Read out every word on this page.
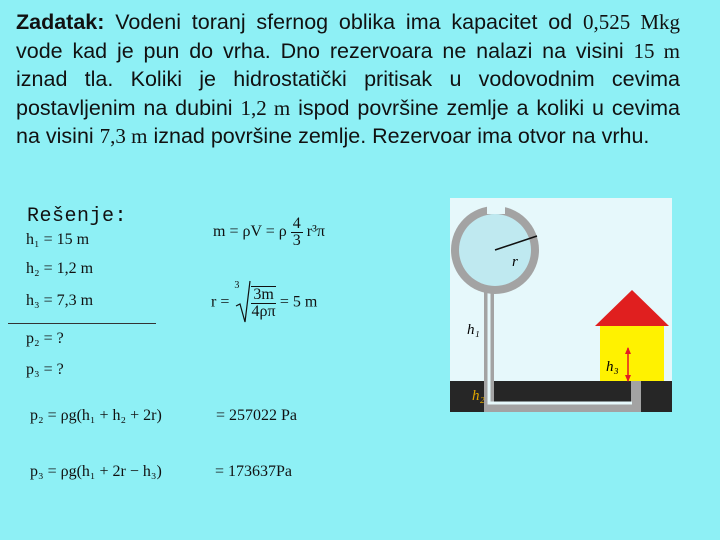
Zadatak: Vodeni toranj sfernog oblika ima kapacitet od 0,525 Mkg vode kad je pun do vrha. Dno rezervoara ne nalazi na visini 15 m iznad tla. Koliki je hidrostatički pritisak u vodovodnim cevima postavljenim na dubini 1,2 m ispod površine zemlje a koliki u cevima na visini 7,3 m iznad površine zemlje. Rezervoar ima otvor na vrhu.
Rešenje:
h₁ = 15 m
h₂ = 1,2 m
h₃ = 7,3 m
p₂ = ?
p₃ = ?
m = ρV = ρ $\frac{4}{3} r^3\pi$
r =
3
$\frac{3m}{4\rho\pi} = 5$ m
p₂ = ρg(h₁ + h₂ + 2r)	= 257022 Pa
p₃ = ρg(h₁ + 2r − h₃)	= 173637Pa
r
h₁
h₃
h₂
